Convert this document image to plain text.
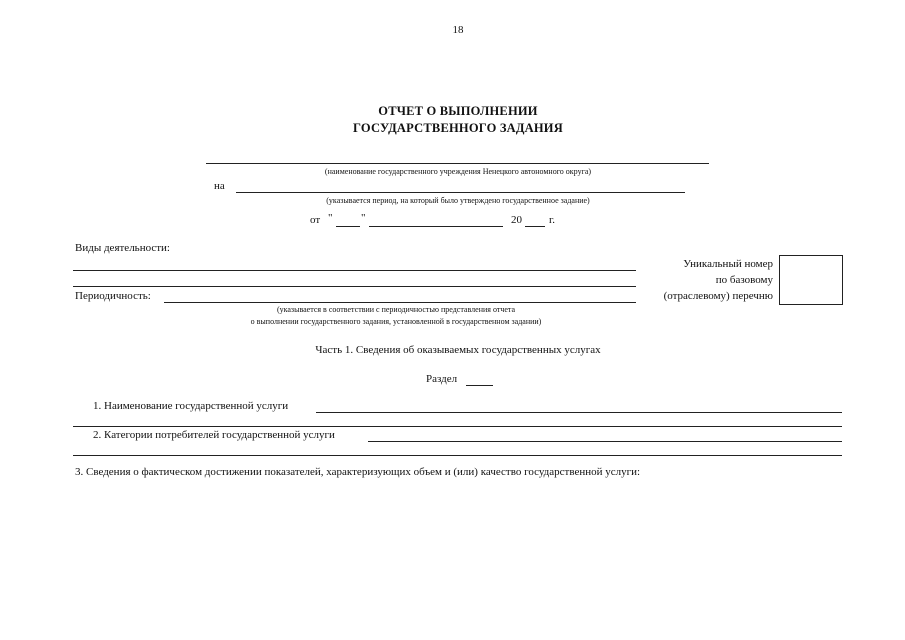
18
ОТЧЕТ О ВЫПОЛНЕНИИ
ГОСУДАРСТВЕННОГО ЗАДАНИЯ
(наименование государственного учреждения Ненецкого автономного округа)
на
(указывается период, на который было утверждено государственное задание)
от "	"	20 г.
Виды деятельности:
Периодичность:
(указывается в соответствии с периодичностью представления отчета
о выполнении государственного задания, установленной в государственном задании)
Уникальный номер
по базовому
(отраслевому) перечню
Часть 1. Сведения об оказываемых государственных услугах
Раздел
1. Наименование государственной услуги
2. Категории потребителей государственной услуги
3. Сведения о фактическом достижении показателей, характеризующих объем и (или) качество государственной услуги:
